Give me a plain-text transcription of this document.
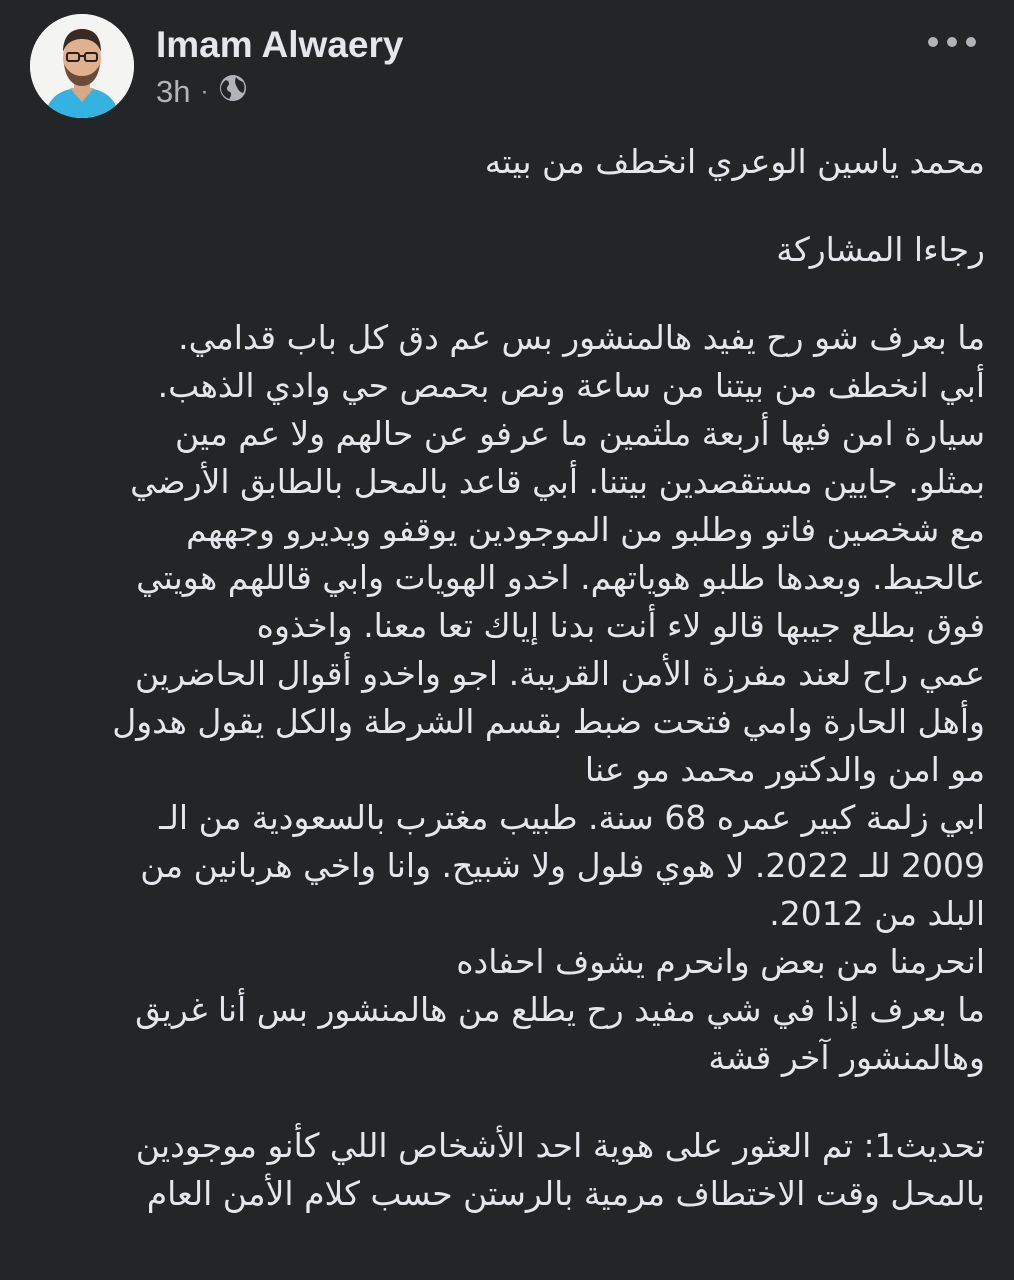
Imam Alwaery
3h ·

محمد ياسين الوعري انخطف من بيته

رجاءا المشاركة

ما بعرف شو رح يفيد هالمنشور بس عم دق كل باب قدامي.
أبي انخطف من بيتنا من ساعة ونص بحمص حي وادي الذهب.
سيارة امن فيها أربعة ملثمين ما عرفو عن حالهم ولا عم مين
بمثلو. جايين مستقصدين بيتنا. أبي قاعد بالمحل بالطابق الأرضي
مع شخصين فاتو وطلبو من الموجودين يوقفو ويديرو وجههم
عالحيط. وبعدها طلبو هوياتهم. اخدو الهويات وابي قاللهم هويتي
فوق بطلع جيبها قالو لاء أنت بدنا إياك تعا معنا. واخذوه
عمي راح لعند مفرزة الأمن القريبة. اجو واخدو أقوال الحاضرين
وأهل الحارة وامي فتحت ضبط بقسم الشرطة والكل يقول هدول
مو امن والدكتور محمد مو عنا
ابي زلمة كبير عمره 68 سنة. طبيب مغترب بالسعودية من الـ
2009 للـ 2022. لا هوي فلول ولا شبيح. وانا واخي هربانين من
البلد من 2012.
انحرمنا من بعض وانحرم يشوف احفاده
ما بعرف إذا في شي مفيد رح يطلع من هالمنشور بس أنا غريق
وهالمنشور آخر قشة
تحديث1: تم العثور على هوية احد الأشخاص اللي كأنو موجودين
بالمحل وقت الاختطاف مرمية بالرستن حسب كلام الأمن العام
